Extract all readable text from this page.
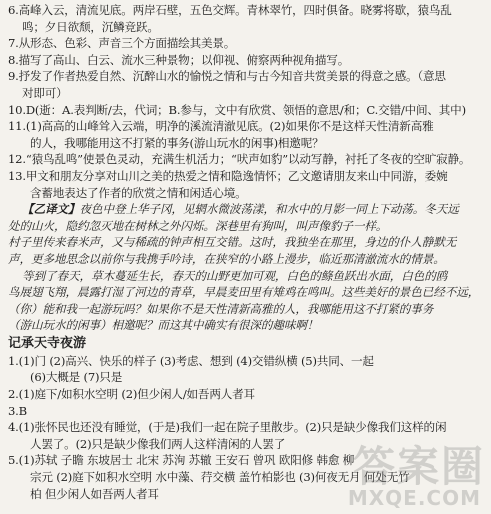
6.高峰入云，清流见底。两岸石壁，五色交辉。青林翠竹，四时俱备。晓雾将歇，猿鸟乱
鸣；夕日欲颓，沉鳞竞跃。
7.从形态、色彩、声音三个方面描绘其美景。
8.描写了高山、白云、流水三种景物；以仰视、俯察两种视角描写。
9.抒发了作者热爱自然、沉醉山水的愉悦之情和与古今知音共赏美景的得意之感。（意思
对即可）
10.D(逝：A.表判断/去，代词；B.参与，文中有欣赏、领悟的意思/和；C.交错/中间、其中)
11.(1)高高的山峰耸入云端，明净的溪流清澈见底。(2)如果你不是这样天性清新高雅
的人，我哪能用这不打紧的事务(游山玩水的闲事)相邀呢？
12.“猿鸟乱鸣”使景色灵动，充满生机活力；“吠声如豹”以动写静，衬托了冬夜的空旷寂静。
13.甲文和朋友分享对山川之美的热爱之情和隐逸情怀；乙文邀请朋友来山中同游，委婉
含蓄地表达了作者的欣赏之情和闲适心境。
【乙译文】夜色中登上华子冈，见辋水微波荡漾，和水中的月影一同上下动荡。冬天远
处的山火，隐约忽灭地在树林之外闪烁。深巷里有狗叫，叫声像豹子一样。
村子里传来舂米声，又与稀疏的钟声相互交错。这时，我独坐在那里，身边的仆人静默无
声，更多地思念以前你与我携手吟诗，在狭窄的小路上漫步，临近那清澈流水的情景。
等到了春天，草木蔓延生长，春天的山野更加可观，白色的鲦鱼跃出水面，白色的鸥
鸟展翅飞翔，晨露打湿了河边的青草，早晨麦田里有雉鸡在鸣叫。这些美好的景色已经不远，
（你）能和我一起游玩吗？如果你不是天性清新高雅的人，我哪能用这不打紧的事务
（游山玩水的闲事）相邀呢？而这其中确实有很深的趣味啊！
记承天寺夜游
1.(1)门 (2)高兴、快乐的样子 (3)考虑、想到 (4)交错纵横 (5)共同、一起
(6)大概是 (7)只是
2.(1)庭下/如积水空明 (2)但少闲人/如吾两人者耳
3.B
4.(1)张怀民也还没有睡觉，(于是)我们一起在院子里散步。(2)只是缺少像我们这样的闲
人罢了。(2)只是缺少像我们两人这样清闲的人罢了
5.(1)苏轼 子瞻 东坡居士 北宋 苏洵 苏辙 王安石 曾巩 欧阳修 韩愈 柳
宗元 (2)庭下如积水空明 水中藻、荇交横 盖竹柏影也 (3)何夜无月 何处无竹
柏 但少闲人如吾两人者耳
答案圈
MXQE.COM
